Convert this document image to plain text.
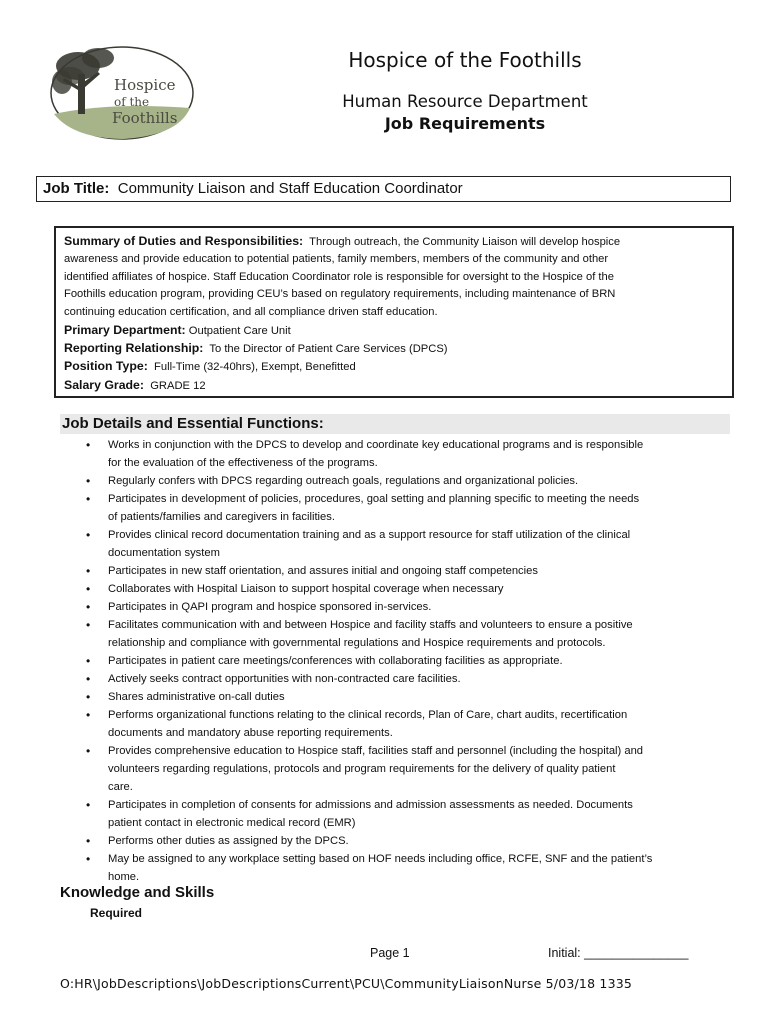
Hospice
of the
Foothills
Hospice of the Foothills
Human Resource Department
Job Requirements
Job Title: Community Liaison and Staff Education Coordinator
Summary of Duties and Responsibilities: Through outreach, the Community Liaison will develop hospice
awareness and provide education to potential patients, family members, members of the community and other
identified affiliates of hospice. Staff Education Coordinator role is responsible for oversight to the Hospice of the
Foothills education program, providing CEU’s based on regulatory requirements, including maintenance of BRN
continuing education certification, and all compliance driven staff education.
Primary Department: Outpatient Care Unit
Reporting Relationship: To the Director of Patient Care Services (DPCS)
Position Type: Full-Time (32-40hrs), Exempt, Benefitted
Salary Grade: GRADE 12
Job Details and Essential Functions:
• Works in conjunction with the DPCS to develop and coordinate key educational programs and is responsible
for the evaluation of the effectiveness of the programs.
• Regularly confers with DPCS regarding outreach goals, regulations and organizational policies.
• Participates in development of policies, procedures, goal setting and planning specific to meeting the needs
of patients/families and caregivers in facilities.
• Provides clinical record documentation training and as a support resource for staff utilization of the clinical
documentation system
• Participates in new staff orientation, and assures initial and ongoing staff competencies
• Collaborates with Hospital Liaison to support hospital coverage when necessary
• Participates in QAPI program and hospice sponsored in-services.
• Facilitates communication with and between Hospice and facility staffs and volunteers to ensure a positive
relationship and compliance with governmental regulations and Hospice requirements and protocols.
• Participates in patient care meetings/conferences with collaborating facilities as appropriate.
• Actively seeks contract opportunities with non-contracted care facilities.
• Shares administrative on-call duties
• Performs organizational functions relating to the clinical records, Plan of Care, chart audits, recertification
documents and mandatory abuse reporting requirements.
• Provides comprehensive education to Hospice staff, facilities staff and personnel (including the hospital) and
volunteers regarding regulations, protocols and program requirements for the delivery of quality patient
care.
• Participates in completion of consents for admissions and admission assessments as needed. Documents
patient contact in electronic medical record (EMR)
• Performs other duties as assigned by the DPCS.
• May be assigned to any workplace setting based on HOF needs including office, RCFE, SNF and the patient’s
home.
Knowledge and Skills
Required
Page 1	Initial: _______________
O:HR\JobDescriptions\JobDescriptionsCurrent\PCU\CommunityLiaisonNurse 5/03/18 1335
